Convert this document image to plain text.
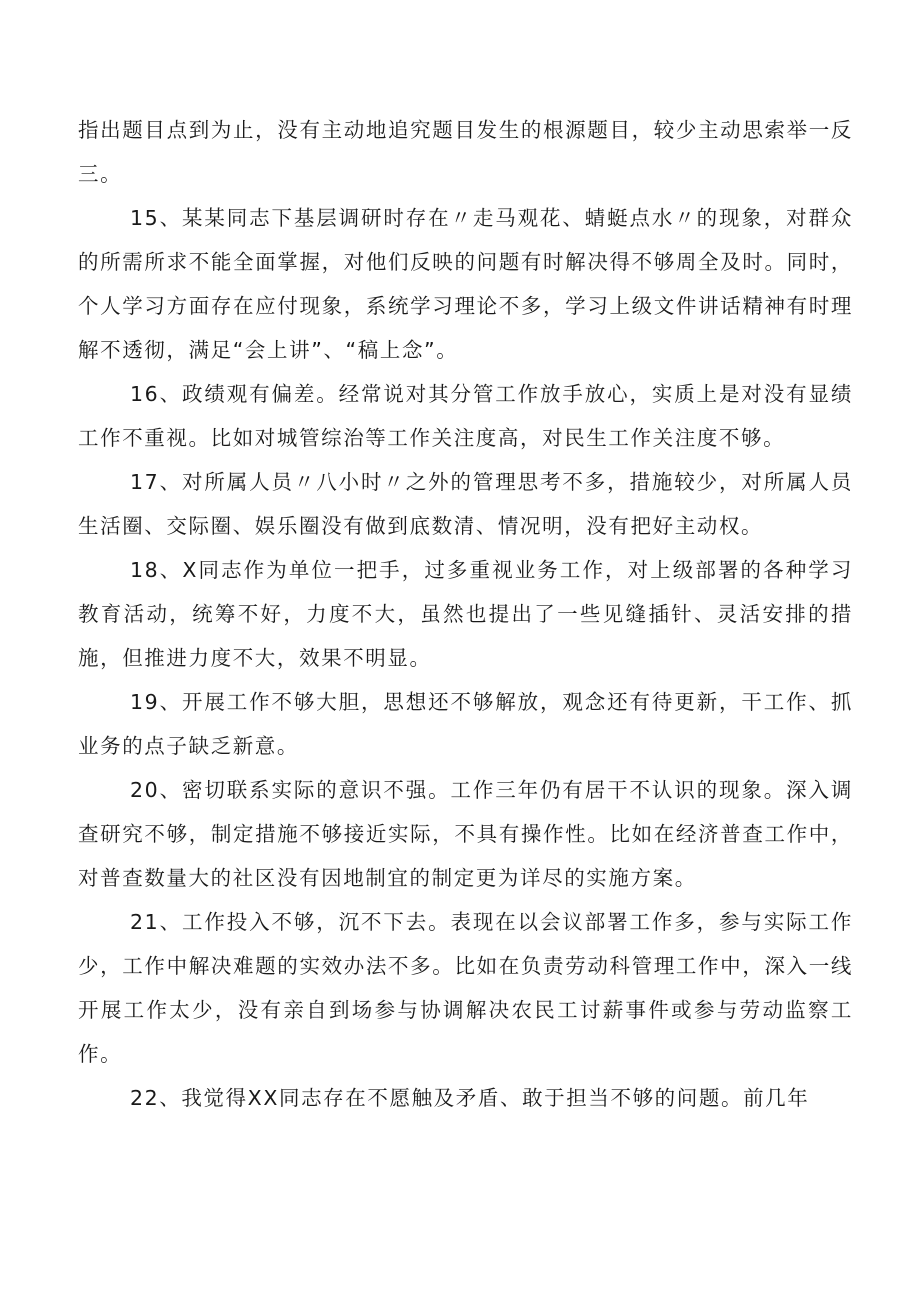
指出题目点到为止，没有主动地追究题目发生的根源题目，较少主动思索举一反三。

15、某某同志下基层调研时存在〃走马观花、蜻蜓点水〃的现象，对群众的所需所求不能全面掌握，对他们反映的问题有时解决得不够周全及时。同时，个人学习方面存在应付现象，系统学习理论不多，学习上级文件讲话精神有时理解不透彻，满足“会上讲”、“稿上念”。

16、政绩观有偏差。经常说对其分管工作放手放心，实质上是对没有显绩工作不重视。比如对城管综治等工作关注度高，对民生工作关注度不够。

17、对所属人员〃八小时〃之外的管理思考不多，措施较少，对所属人员生活圈、交际圈、娱乐圈没有做到底数清、情况明，没有把好主动权。

18、X同志作为单位一把手，过多重视业务工作，对上级部署的各种学习教育活动，统筹不好，力度不大，虽然也提出了一些见缝插针、灵活安排的措施，但推进力度不大，效果不明显。

19、开展工作不够大胆，思想还不够解放，观念还有待更新，干工作、抓业务的点子缺乏新意。

20、密切联系实际的意识不强。工作三年仍有居干不认识的现象。深入调查研究不够，制定措施不够接近实际，不具有操作性。比如在经济普查工作中，对普查数量大的社区没有因地制宜的制定更为详尽的实施方案。

21、工作投入不够，沉不下去。表现在以会议部署工作多，参与实际工作少，工作中解决难题的实效办法不多。比如在负责劳动科管理工作中，深入一线开展工作太少，没有亲自到场参与协调解决农民工讨薪事件或参与劳动监察工作。

22、我觉得XX同志存在不愿触及矛盾、敢于担当不够的问题。前几年
